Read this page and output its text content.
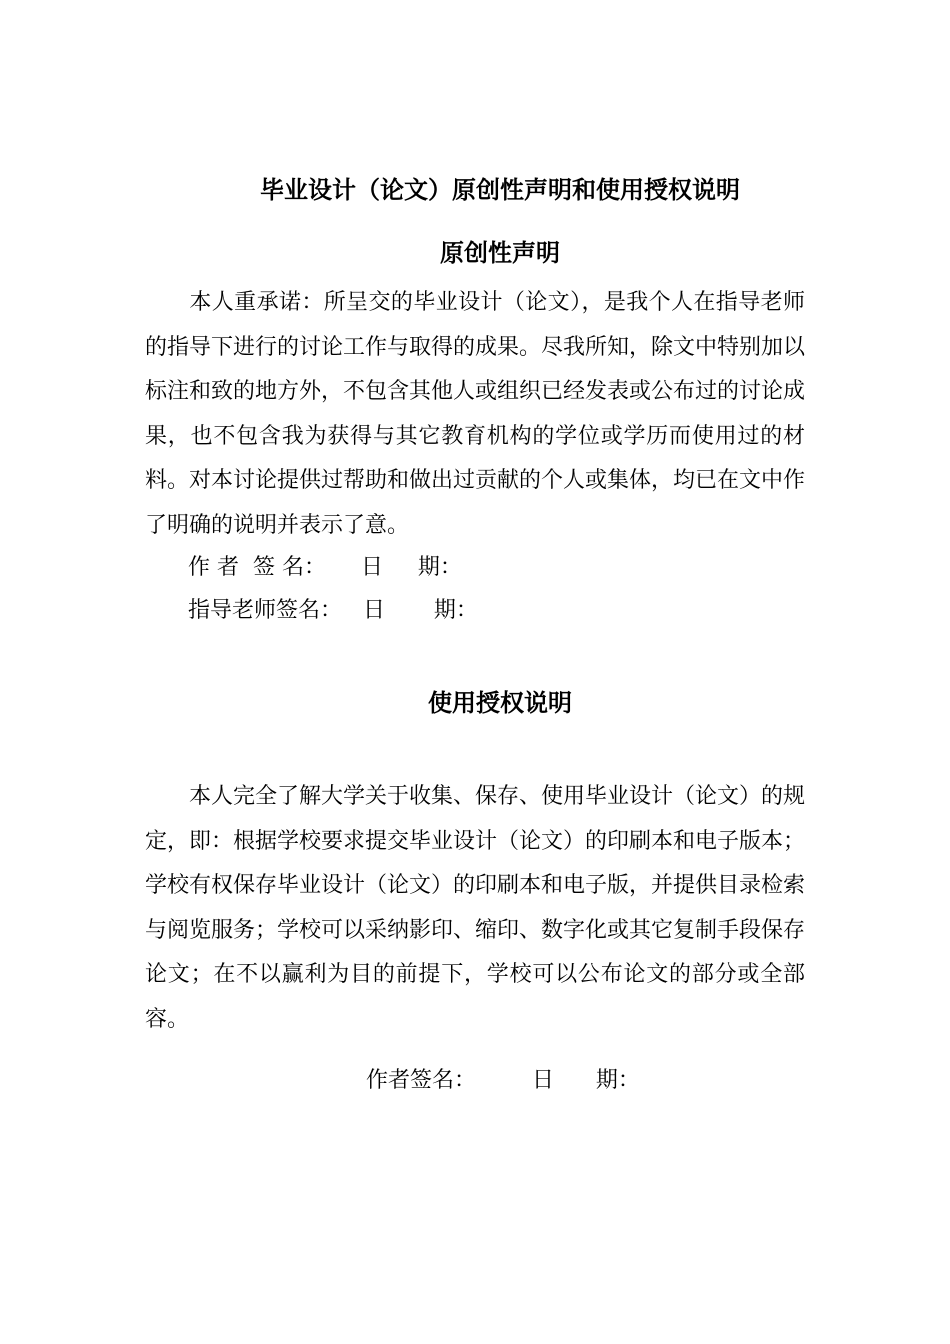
毕业设计（论文）原创性声明和使用授权说明
原创性声明

本人重承诺：所呈交的毕业设计（论文），是我个人在指导老师的指导下进行的讨论工作与取得的成果。尽我所知，除文中特别加以标注和致的地方外，不包含其他人或组织已经发表或公布过的讨论成果，也不包含我为获得与其它教育机构的学位或学历而使用过的材料。对本讨论提供过帮助和做出过贡献的个人或集体，均已在文中作了明确的说明并表示了意。

作 者  签 名：     日     期：

指导老师签名：   日       期：

使用授权说明

本人完全了解大学关于收集、保存、使用毕业设计（论文）的规定，即：根据学校要求提交毕业设计（论文）的印刷本和电子版本；学校有权保存毕业设计（论文）的印刷本和电子版，并提供目录检索与阅览服务；学校可以采纳影印、缩印、数字化或其它复制手段保存论文；在不以赢利为目的前提下，学校可以公布论文的部分或全部容。

作者签名：        日      期：
